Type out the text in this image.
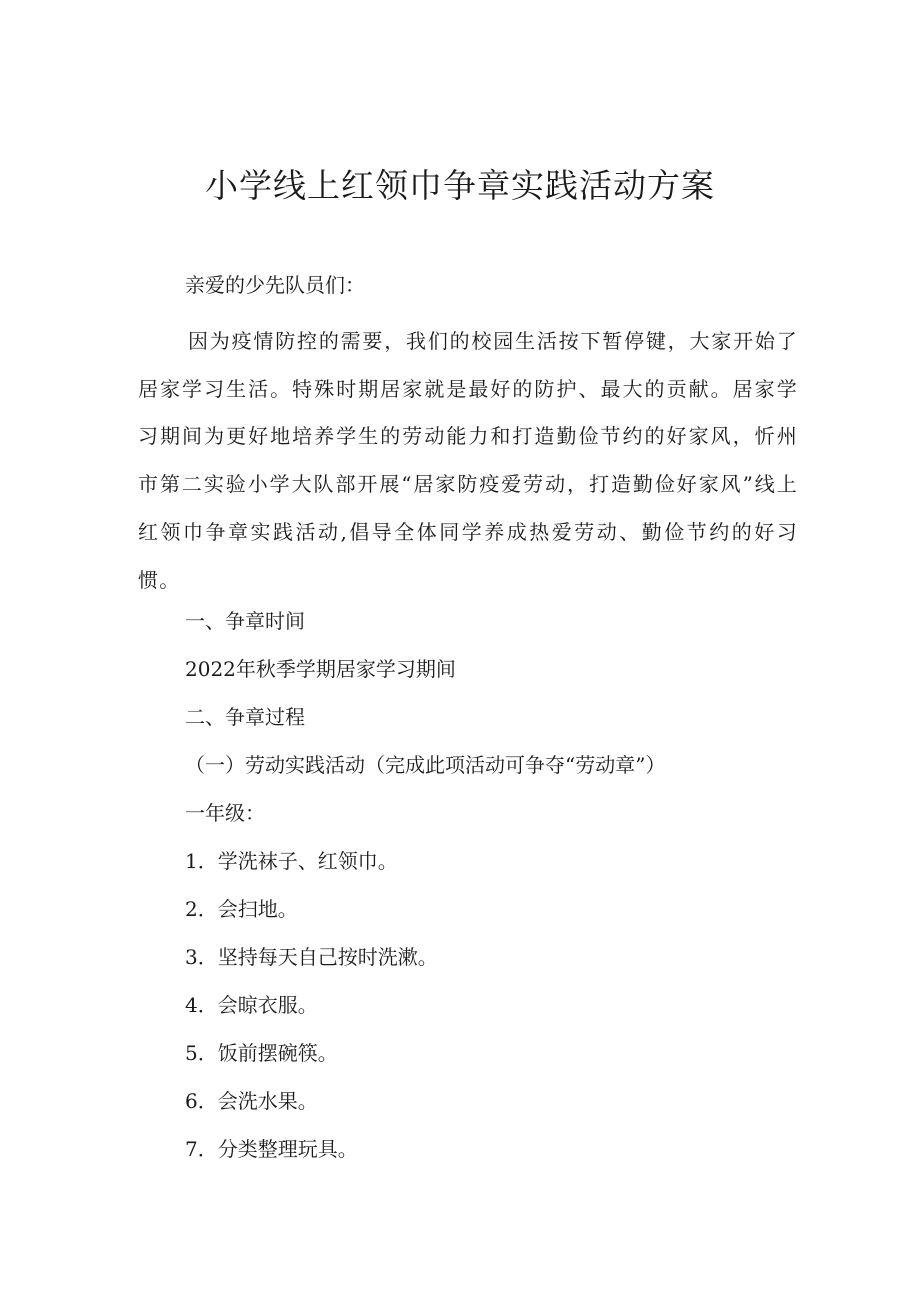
小学线上红领巾争章实践活动方案

亲爱的少先队员们：

因为疫情防控的需要，我们的校园生活按下暂停键，大家开始了居家学习生活。特殊时期居家就是最好的防护、最大的贡献。居家学习期间为更好地培养学生的劳动能力和打造勤俭节约的好家风，忻州市第二实验小学大队部开展“居家防疫爱劳动，打造勤俭好家风”线上红领巾争章实践活动,倡导全体同学养成热爱劳动、勤俭节约的好习惯。

一、争章时间

2022年秋季学期居家学习期间

二、争章过程

（一）劳动实践活动（完成此项活动可争夺“劳动章”）

一年级：

1．学洗袜子、红领巾。

2．会扫地。

3．坚持每天自己按时洗漱。

4．会晾衣服。

5．饭前摆碗筷。

6．会洗水果。

7．分类整理玩具。
